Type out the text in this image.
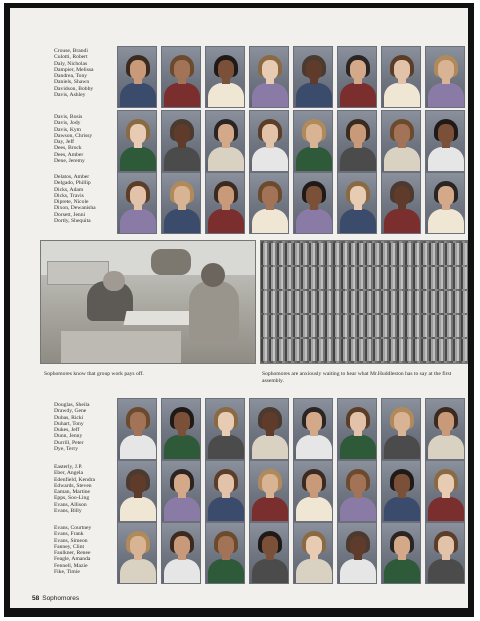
Crouse, Brandi
Culotti, Robert
Daly, Nicholas
Dampier, Melissa
Dandrea, Tony
Daniels, Shawn
Davidson, Bobby
Davis, Ashley
Davis, Bosis
Davis, Jody
Davis, Kym
Dawson, Chrissy
Day, Jeff
Dees, Brock
Dees, Amber
Dene, Jeremy
Delatos, Amber
Delgado, Phillip
Dicks, Adam
Dicks, Travis
Diprete, Nicole
Dixon, Dewanisha
Dorsett, Jenni
Dortly, Shequita
Douglas, Sheila
Drawdy, Gene
Dubas, Ricki
Duhart, Tony
Dukes, Jeff
Dunn, Jenny
Durrill, Peter
Dye, Terry
Easterly, J.P.
Eber, Angela
Edenfield, Kendra
Edwards, Steven
Eaman, Martine
Epps, Soo-Ling
Evans, Allison
Evans, Billy
Evans, Courtney
Evans, Frank
Evans, Simeon
Fanney, Clint
Faulkner, Renee
Feagle, Amanda
Fennell, Mazie
Fike, Timie
Sophomores know that group work pays off.	Sophomores are anxiously waiting to hear what Mr.Huddleston has to say at the first assembly.
58 Sophomores
